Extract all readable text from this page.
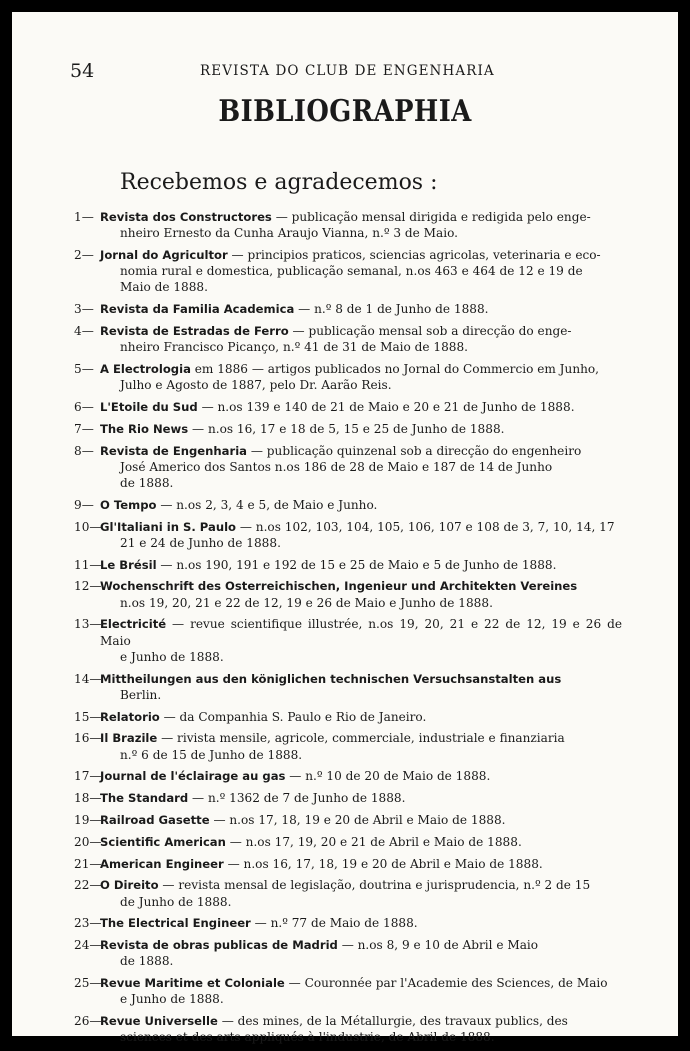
54	REVISTA DO CLUB DE ENGENHARIA
BIBLIOGRAPHIA
Recebemos e agradecemos :
1— Revista dos Constructores — publicação mensal dirigida e redigida pelo enge-
nheiro Ernesto da Cunha Araujo Vianna, n.º 3 de Maio.
2— Jornal do Agricultor — principios praticos, sciencias agricolas, veterinaria e eco-
nomia rural e domestica, publicação semanal, n.os 463 e 464 de 12 e 19 de
Maio de 1888.
3— Revista da Familia Academica — n.º 8 de 1 de Junho de 1888.
4— Revista de Estradas de Ferro — publicação mensal sob a direcção do enge-
nheiro Francisco Picanço, n.º 41 de 31 de Maio de 1888.
5— A Electrologia em 1886 — artigos publicados no Jornal do Commercio em Junho,
Julho e Agosto de 1887, pelo Dr. Aarão Reis.
6— L'Etoile du Sud — n.os 139 e 140 de 21 de Maio e 20 e 21 de Junho de 1888.
7— The Rio News — n.os 16, 17 e 18 de 5, 15 e 25 de Junho de 1888.
8— Revista de Engenharia — publicação quinzenal sob a direcção do engenheiro
José Americo dos Santos n.os 186 de 28 de Maio e 187 de 14 de Junho
de 1888.
9— O Tempo — n.os 2, 3, 4 e 5, de Maio e Junho.
10—
Gl'Italiani in S. Paulo — n.os 102, 103, 104, 105, 106, 107 e 108 de 3, 7, 10, 14, 17
21 e 24 de Junho de 1888.
11—
Le Brésil — n.os 190, 191 e 192 de 15 e 25 de Maio e 5 de Junho de 1888.
12—
Wochenschrift des Osterreichischen, Ingenieur und Architekten Vereines
n.os 19, 20, 21 e 22 de 12, 19 e 26 de Maio e Junho de 1888.
13—
Electricité — revue scientifique illustrée, n.os 19, 20, 21 e 22 de 12, 19 e 26 de Maio
e Junho de 1888.
14—
Mittheilungen aus den königlichen technischen Versuchsanstalten aus
Berlin.
15—
Relatorio — da Companhia S. Paulo e Rio de Janeiro.
16—
Il Brazile — rivista mensile, agricole, commerciale, industriale e finanziaria
n.º 6 de 15 de Junho de 1888.
17—
Journal de l'éclairage au gas — n.º 10 de 20 de Maio de 1888.
18—
The Standard — n.º 1362 de 7 de Junho de 1888.
19—
Railroad Gasette — n.os 17, 18, 19 e 20 de Abril e Maio de 1888.
20—
Scientific American — n.os 17, 19, 20 e 21 de Abril e Maio de 1888.
21—
American Engineer — n.os 16, 17, 18, 19 e 20 de Abril e Maio de 1888.
22—
O Direito — revista mensal de legislação, doutrina e jurisprudencia, n.º 2 de 15
de Junho de 1888.
23—
The Electrical Engineer — n.º 77 de Maio de 1888.
24—
Revista de obras publicas de Madrid — n.os 8, 9 e 10 de Abril e Maio
de 1888.
25—
Revue Maritime et Coloniale — Couronnée par l'Academie des Sciences, de Maio
e Junho de 1888.
26—
Revue Universelle — des mines, de la Métallurgie, des travaux publics, des
sciences et des arts appliqués à l'industrie, de Abril de 1888.
